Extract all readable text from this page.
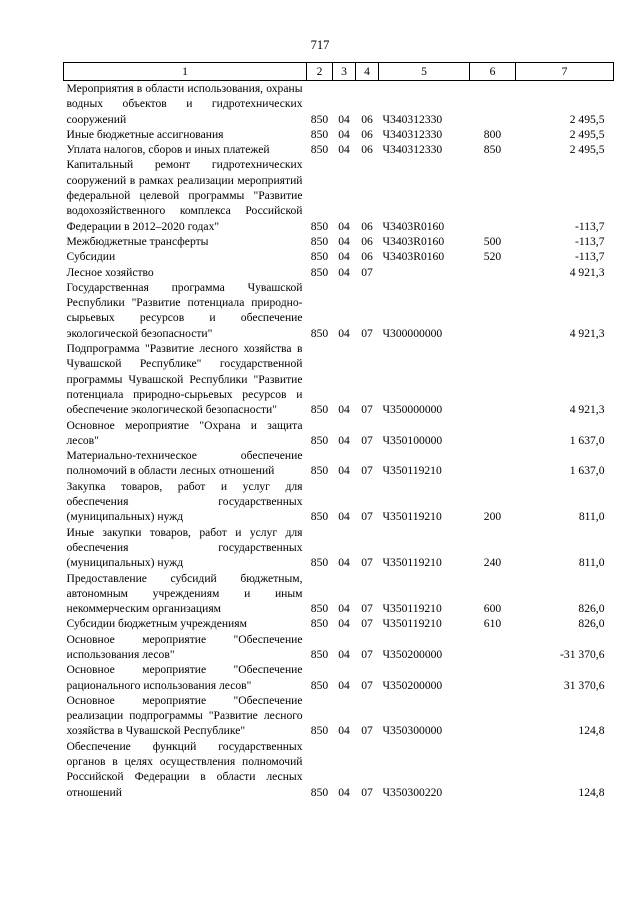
717
1	2	3	4	5	6	7
Мероприятия в области использования, охраны водных объектов и гидротехнических сооружений	850	04	06	Ч340312330		2 495,5
Иные бюджетные ассигнования	850	04	06	Ч340312330	800	2 495,5
Уплата налогов, сборов и иных платежей	850	04	06	Ч340312330	850	2 495,5
Капитальный ремонт гидротехнических сооружений в рамках реализации мероприятий федеральной целевой программы "Развитие водохозяйственного комплекса Российской Федерации в 2012–2020 годах"	850	04	06	Ч3403R0160		-113,7
Межбюджетные трансферты	850	04	06	Ч3403R0160	500	-113,7
Субсидии	850	04	06	Ч3403R0160	520	-113,7
Лесное хозяйство	850	04	07			4 921,3
Государственная программа Чувашской Республики "Развитие потенциала природно-сырьевых ресурсов и обеспечение экологической безопасности"	850	04	07	Ч300000000		4 921,3
Подпрограмма "Развитие лесного хозяйства в Чувашской Республике" государственной программы Чувашской Республики "Развитие потенциала природно-сырьевых ресурсов и обеспечение экологической безопасности"	850	04	07	Ч350000000		4 921,3
Основное мероприятие "Охрана и защита лесов"	850	04	07	Ч350100000		1 637,0
Материально-техническое обеспечение полномочий в области лесных отношений	850	04	07	Ч350119210		1 637,0
Закупка товаров, работ и услуг для обеспечения государственных (муниципальных) нужд	850	04	07	Ч350119210	200	811,0
Иные закупки товаров, работ и услуг для обеспечения государственных (муниципальных) нужд	850	04	07	Ч350119210	240	811,0
Предоставление субсидий бюджетным, автономным учреждениям и иным некоммерческим организациям	850	04	07	Ч350119210	600	826,0
Субсидии бюджетным учреждениям	850	04	07	Ч350119210	610	826,0
Основное мероприятие "Обеспечение использования лесов"	850	04	07	Ч350200000		-31 370,6
Основное мероприятие "Обеспечение рационального использования лесов"	850	04	07	Ч350200000		31 370,6
Основное мероприятие "Обеспечение реализации подпрограммы "Развитие лесного хозяйства в Чувашской Республике"	850	04	07	Ч350300000		124,8
Обеспечение функций государственных органов в целях осуществления полномочий Российской Федерации в области лесных отношений	850	04	07	Ч350300220		124,8
